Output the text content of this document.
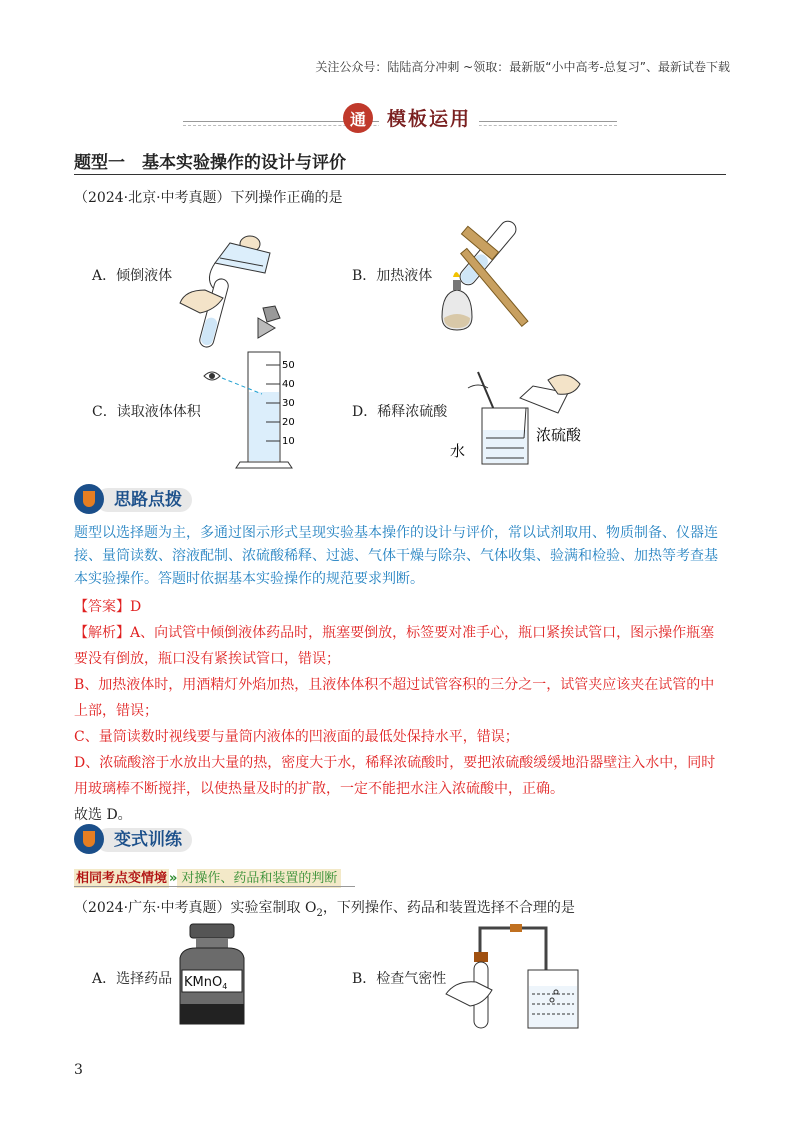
关注公众号：陆陆高分冲刺 ~领取：最新版“小中高考-总复习”、最新试卷下载
通	模板运用
题型一　基本实验操作的设计与评价
（2024·北京·中考真题）下列操作正确的是
A．倾倒液体	B．加热液体
C．读取液体体积	D．稀释浓硫酸
50
40
30
20
10	浓硫酸
水
思路点拨
题型以选择题为主，多通过图示形式呈现实验基本操作的设计与评价，常以试剂取用、物质制备、仪器连
接、量筒读数、溶液配制、浓硫酸稀释、过滤、气体干燥与除杂、气体收集、验满和检验、加热等考查基
本实验操作。答题时依据基本实验操作的规范要求判断。
【答案】D
【解析】A、向试管中倾倒液体药品时，瓶塞要倒放，标签要对准手心，瓶口紧挨试管口，图示操作瓶塞
要没有倒放，瓶口没有紧挨试管口，错误；
B、加热液体时，用酒精灯外焰加热，且液体体积不超过试管容积的三分之一，试管夹应该夹在试管的中
上部，错误；
C、量筒读数时视线要与量筒内液体的凹液面的最低处保持水平，错误；
D、浓硫酸溶于水放出大量的热，密度大于水，稀释浓硫酸时，要把浓硫酸缓缓地沿器壁注入水中，同时
用玻璃棒不断搅拌，以使热量及时的扩散，一定不能把水注入浓硫酸中，正确。
故选 D。
变式训练
相同考点变情境 » 对操作、药品和装置的判断
（2024·广东·中考真题）实验室制取 $O_2$，下列操作、药品和装置选择不合理的是
A．选择药品	B．检查气密性
KMnO$_4$
3
